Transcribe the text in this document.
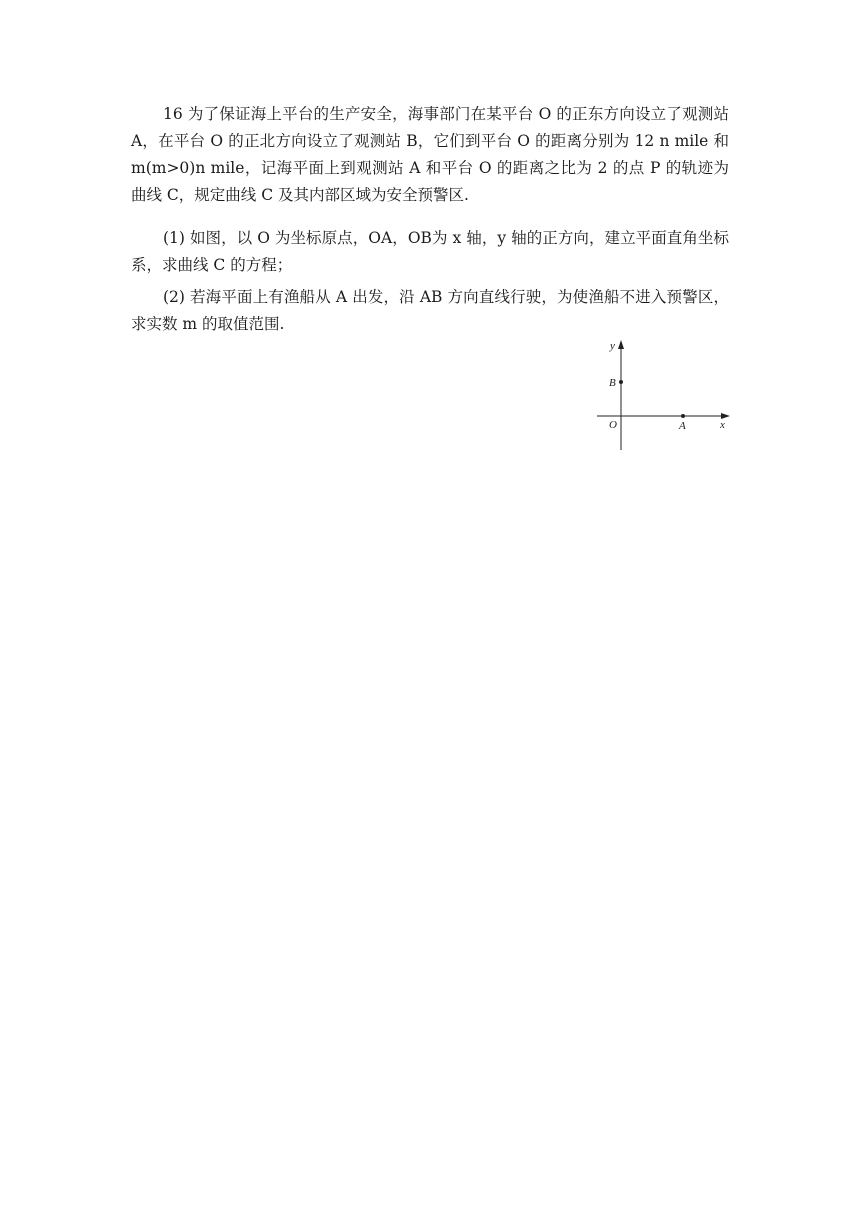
16 为了保证海上平台的生产安全，海事部门在某平台 O 的正东方向设立了观测站 A，在平台 O 的正北方向设立了观测站 B，它们到平台 O 的距离分别为 12 n mile 和 m(m>0)n mile，记海平面上到观测站 A 和平台 O 的距离之比为 2 的点 P 的轨迹为曲线 C，规定曲线 C 及其内部区域为安全预警区.

(1) 如图，以 O 为坐标原点，OA，OB为 x 轴，y 轴的正方向，建立平面直角坐标系，求曲线 C 的方程；

(2) 若海平面上有渔船从 A 出发，沿 AB 方向直线行驶，为使渔船不进入预警区，求实数 m 的取值范围.

y
x
O	A
B
